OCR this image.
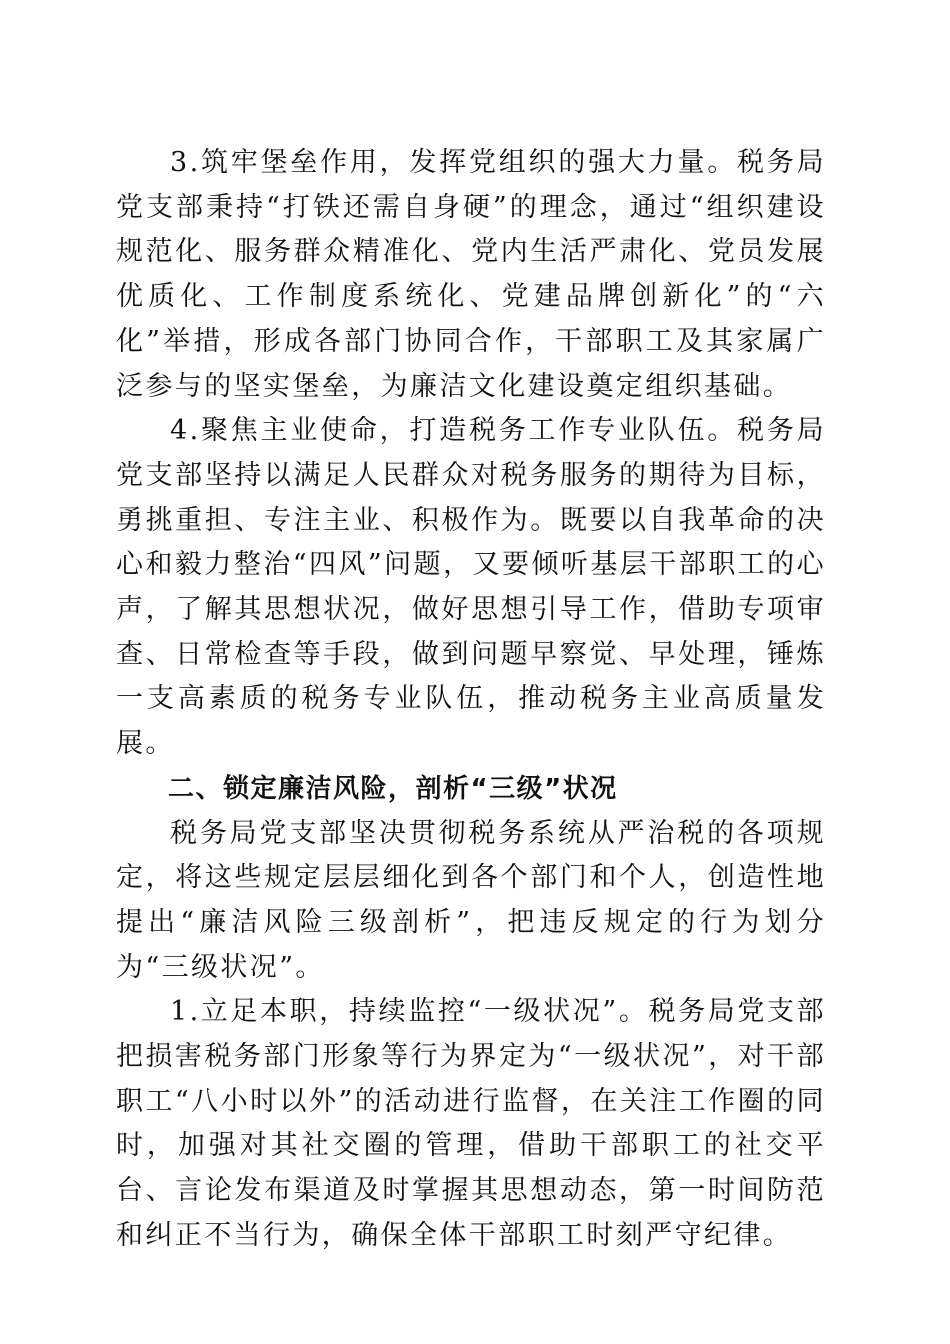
3.筑牢堡垒作用，发挥党组织的强大力量。税务局党支部秉持“打铁还需自身硬”的理念，通过“组织建设规范化、服务群众精准化、党内生活严肃化、党员发展优质化、工作制度系统化、党建品牌创新化”的“六化”举措，形成各部门协同合作，干部职工及其家属广泛参与的坚实堡垒，为廉洁文化建设奠定组织基础。

4.聚焦主业使命，打造税务工作专业队伍。税务局党支部坚持以满足人民群众对税务服务的期待为目标，勇挑重担、专注主业、积极作为。既要以自我革命的决心和毅力整治“四风”问题，又要倾听基层干部职工的心声，了解其思想状况，做好思想引导工作，借助专项审查、日常检查等手段，做到问题早察觉、早处理，锤炼一支高素质的税务专业队伍，推动税务主业高质量发展。

二、锁定廉洁风险，剖析“三级”状况

税务局党支部坚决贯彻税务系统从严治税的各项规定，将这些规定层层细化到各个部门和个人，创造性地提出“廉洁风险三级剖析”，把违反规定的行为划分为“三级状况”。

1.立足本职，持续监控“一级状况”。税务局党支部把损害税务部门形象等行为界定为“一级状况”，对干部职工“八小时以外”的活动进行监督，在关注工作圈的同时，加强对其社交圈的管理，借助干部职工的社交平台、言论发布渠道及时掌握其思想动态，第一时间防范和纠正不当行为，确保全体干部职工时刻严守纪律。
